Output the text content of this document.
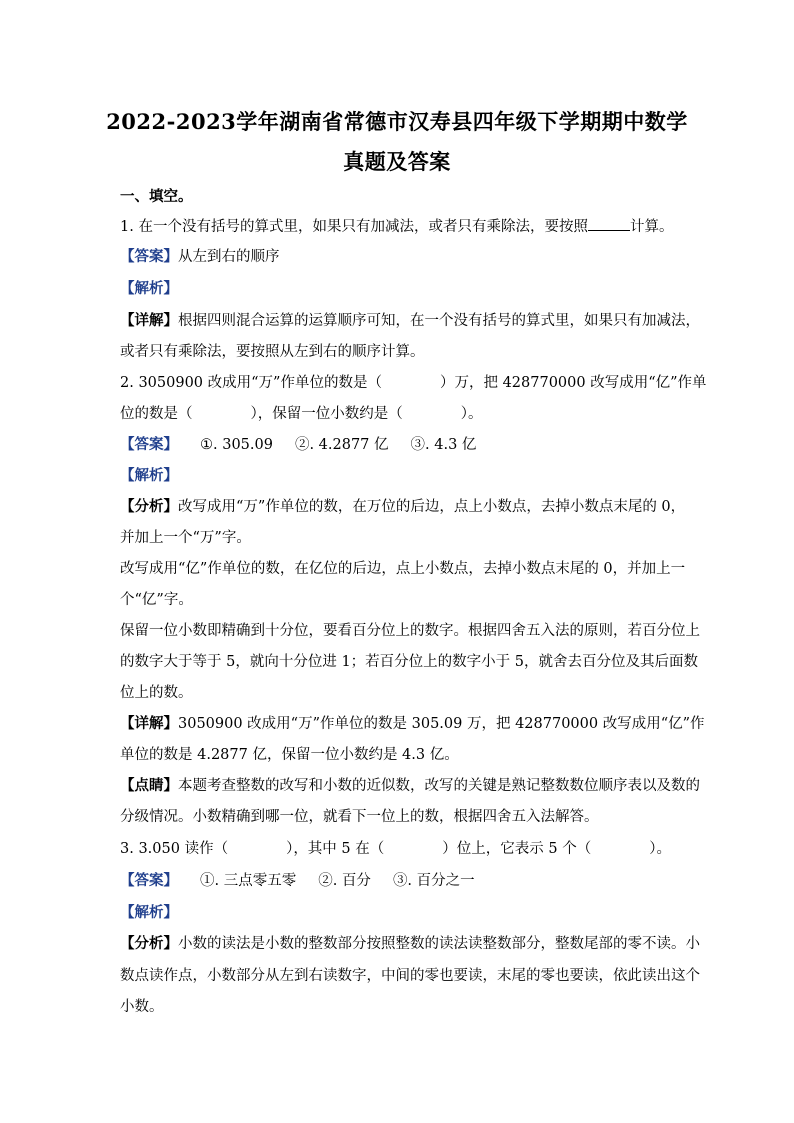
2022-2023学年湖南省常德市汉寿县四年级下学期期中数学
真题及答案
一、填空。
1. 在一个没有括号的算式里，如果只有加减法，或者只有乘除法，要按照	计算。
【答案】从左到右的顺序
【解析】
【详解】根据四则混合运算的运算顺序可知，在一个没有括号的算式里，如果只有加减法，
或者只有乘除法，要按照从左到右的顺序计算。
2. 3050900 改成用“万”作单位的数是（　　　　）万，把 428770000 改写成用“亿”作单
位的数是（　　　　），保留一位小数约是（　　　　）。
【答案】 ①. 305.09 ②. 4.2877 亿 ③. 4.3 亿
【解析】
【分析】改写成用“万”作单位的数，在万位的后边，点上小数点，去掉小数点末尾的 0，
并加上一个“万”字。
改写成用“亿”作单位的数，在亿位的后边，点上小数点，去掉小数点末尾的 0，并加上一
个“亿”字。
保留一位小数即精确到十分位，要看百分位上的数字。根据四舍五入法的原则，若百分位上
的数字大于等于 5，就向十分位进 1；若百分位上的数字小于 5，就舍去百分位及其后面数
位上的数。
【详解】3050900 改成用“万”作单位的数是 305.09 万，把 428770000 改写成用“亿”作
单位的数是 4.2877 亿，保留一位小数约是 4.3 亿。
【点睛】本题考查整数的改写和小数的近似数，改写的关键是熟记整数数位顺序表以及数的
分级情况。小数精确到哪一位，就看下一位上的数，根据四舍五入法解答。
3. 3.050 读作（　　　　），其中 5 在（　　　　）位上，它表示 5 个（　　　　）。
【答案】 ①. 三点零五零 ②. 百分 ③. 百分之一
【解析】
【分析】小数的读法是小数的整数部分按照整数的读法读整数部分，整数尾部的零不读。小
数点读作点，小数部分从左到右读数字，中间的零也要读，末尾的零也要读，依此读出这个
小数。
